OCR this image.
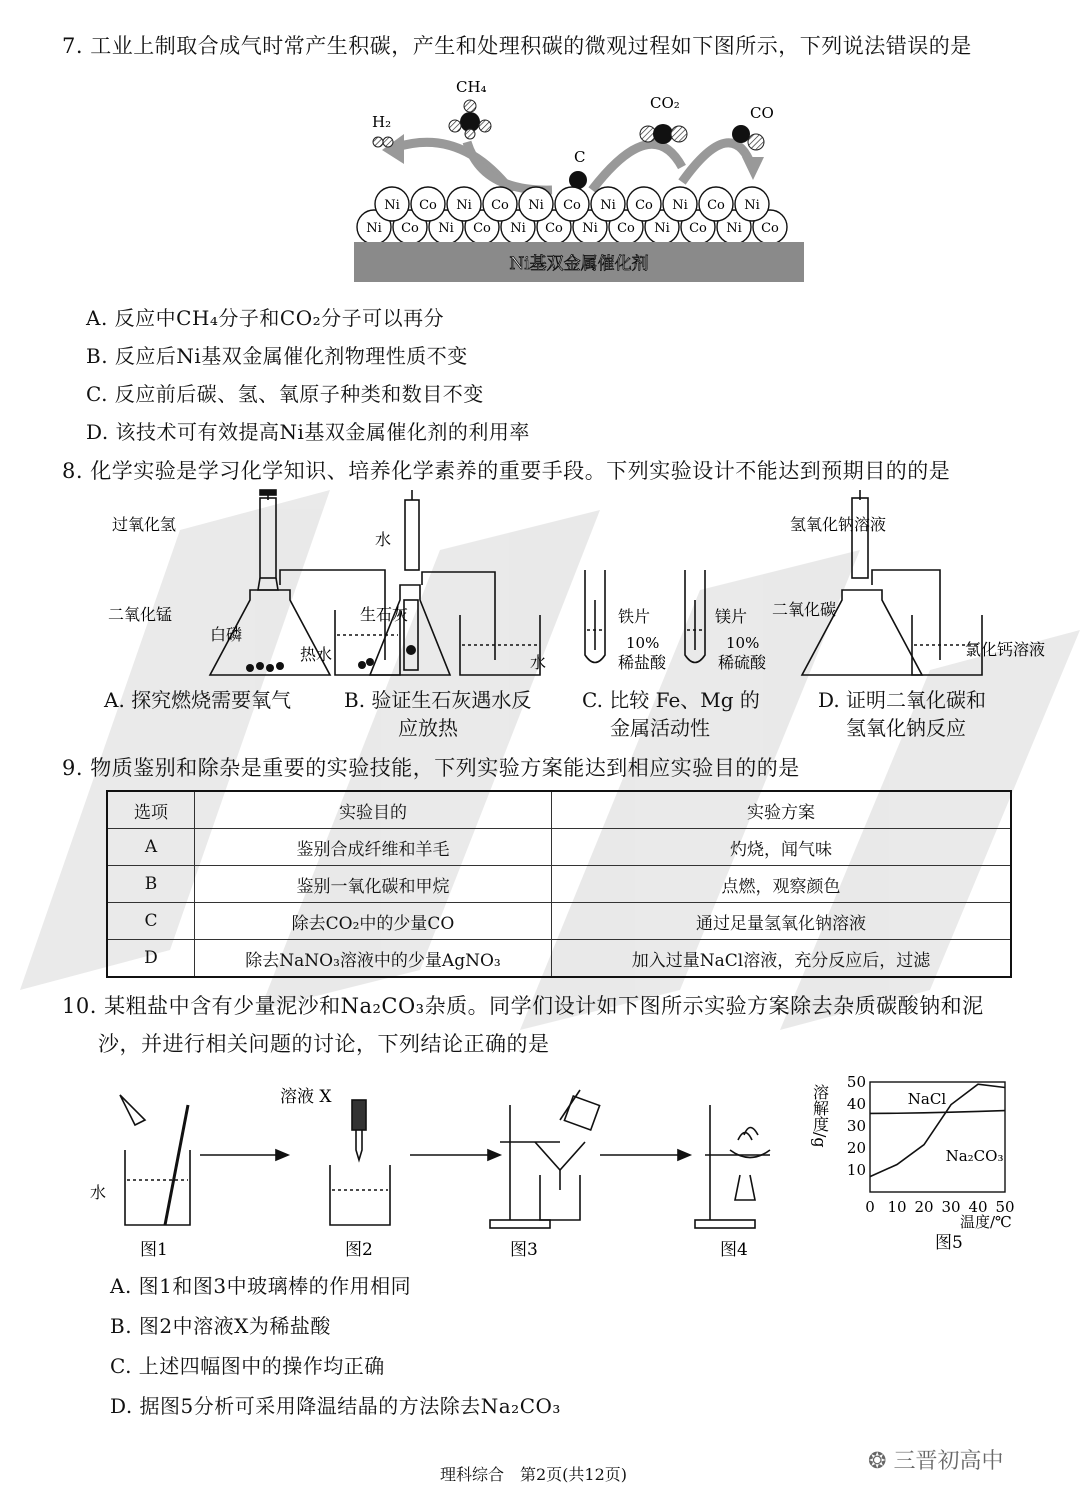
7. 工业上制取合成气时常产生积碳，产生和处理积碳的微观过程如下图所示，下列说法错误的是
H₂
CH₄
C
CO₂
CO
Ni Co Ni Co Ni Co Ni Co Ni Co Ni Co
Ni Co Ni Co Ni Co Ni Co Ni Co Ni
Ni基双金属催化剂
A. 反应中CH₄分子和CO₂分子可以再分
B. 反应后Ni基双金属催化剂物理性质不变
C. 反应前后碳、氢、氧原子种类和数目不变
D. 该技术可有效提高Ni基双金属催化剂的利用率
8. 化学实验是学习化学知识、培养化学素养的重要手段。下列实验设计不能达到预期目的的是
过氧化氢
二氧化锰
白磷
热水
水
生石灰
水
铁片
10%
稀盐酸
镁片
10%
稀硫酸
氢氧化钠溶液
二氧化碳
氯化钙溶液
A. 探究燃烧需要氧气	B. 验证生石灰遇水反
应放热
C. 比较 Fe、Mg 的
金属活动性
D. 证明二氧化碳和
氢氧化钠反应
9. 物质鉴别和除杂是重要的实验技能，下列实验方案能达到相应实验目的的是
选项	实验目的	实验方案
A	鉴别合成纤维和羊毛	灼烧，闻气味
B	鉴别一氧化碳和甲烷	点燃，观察颜色
C	除去CO₂中的少量CO	通过足量氢氧化钠溶液
D	除去NaNO₃溶液中的少量AgNO₃	加入过量NaCl溶液，充分反应后，过滤
10. 某粗盐中含有少量泥沙和Na₂CO₃杂质。同学们设计如下图所示实验方案除去杂质碳酸钠和泥
沙，并进行相关问题的讨论，下列结论正确的是
水
溶液 X
图1	图2	图3	图4
溶解度/g
50
40
30
20
10
0 10 20 30 40 50
NaCl
Na₂CO₃
温度/℃
图5
A. 图1和图3中玻璃棒的作用相同
B. 图2中溶液X为稀盐酸
C. 上述四幅图中的操作均正确
D. 据图5分析可采用降温结晶的方法除去Na₂CO₃
理科综合　第2页(共12页)
❂ 三晋初高中
